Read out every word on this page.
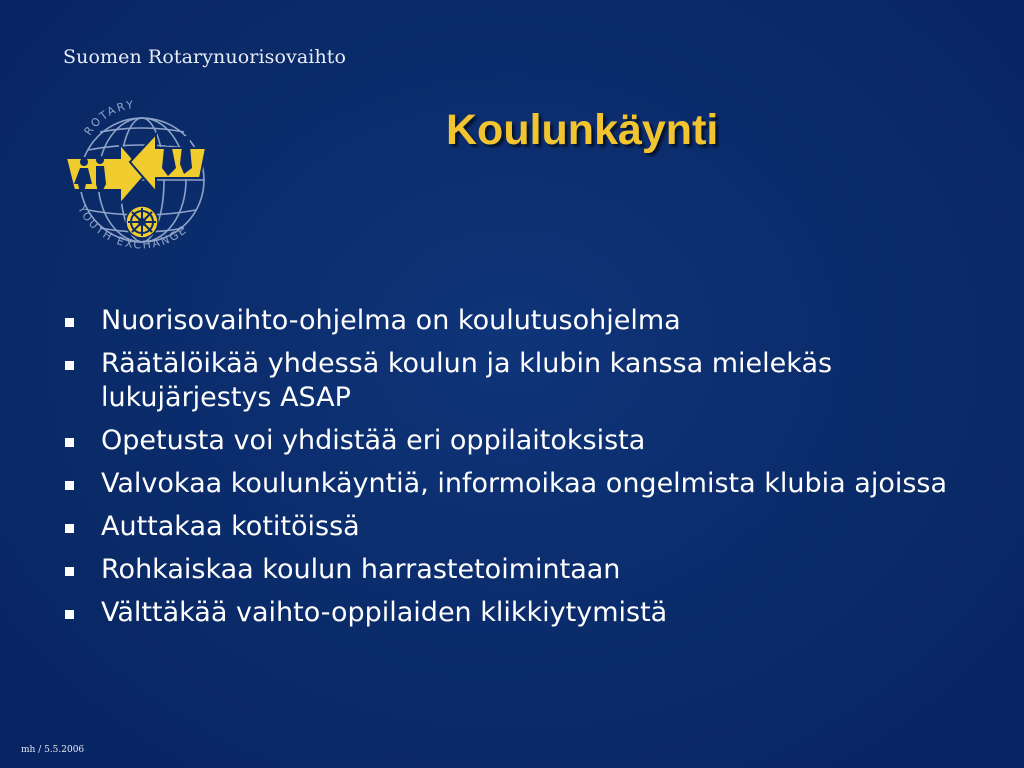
Suomen Rotarynuorisovaihto
ROTARY
YOUTH EXCHANGE
Koulunkäynti
Nuorisovaihto-ohjelma on koulutusohjelma
Räätälöikää yhdessä koulun ja klubin kanssa mielekäs lukujärjestys ASAP
Opetusta voi yhdistää eri oppilaitoksista
Valvokaa koulunkäyntiä, informoikaa ongelmista klubia ajoissa
Auttakaa kotitöissä
Rohkaiskaa koulun harrastetoimintaan
Välttäkää vaihto-oppilaiden klikkiytymistä
mh / 5.5.2006
